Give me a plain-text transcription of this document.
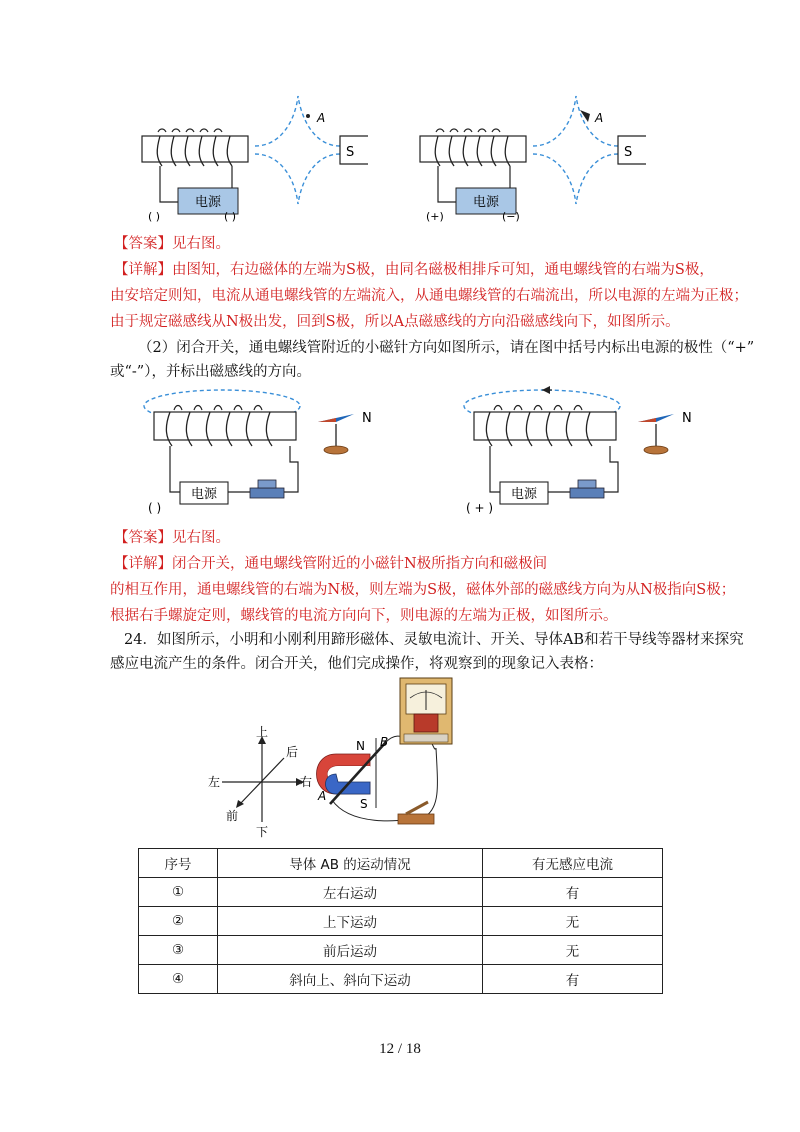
电源
( )	( )
A
S
电源
(+)	(−)
A
S
【答案】见右图。
【详解】由图知，右边磁体的左端为S极，由同名磁极相排斥可知，通电螺线管的右端为S极，
由安培定则知，电流从通电螺线管的左端流入，从通电螺线管的右端流出，所以电源的左端为正极；
由于规定磁感线从N极出发，回到S极，所以A点磁感线的方向沿磁感线向下，如图所示。
（2）闭合开关，通电螺线管附近的小磁针方向如图所示，请在图中括号内标出电源的极性（“+”
或“-”），并标出磁感线的方向。
电源
( )
N
电源
( + )
N
【答案】见右图。
【详解】闭合开关，通电螺线管附近的小磁针N极所指方向和磁极间
的相互作用，通电螺线管的右端为N极，则左端为S极，磁体外部的磁感线方向为从N极指向S极；
根据右手螺旋定则，螺线管的电流方向向下，则电源的左端为正极，如图所示。
24．如图所示，小明和小刚利用蹄形磁体、灵敏电流计、开关、导体AB和若干导线等器材来探究
感应电流产生的条件。闭合开关，他们完成操作，将观察到的现象记入表格：
上
下
左	右
后
前
N
S
A
B
序号	导体 AB 的运动情况	有无感应电流
①	左右运动	有
②	上下运动	无
③	前后运动	无
④	斜向上、斜向下运动	有
12 / 18
